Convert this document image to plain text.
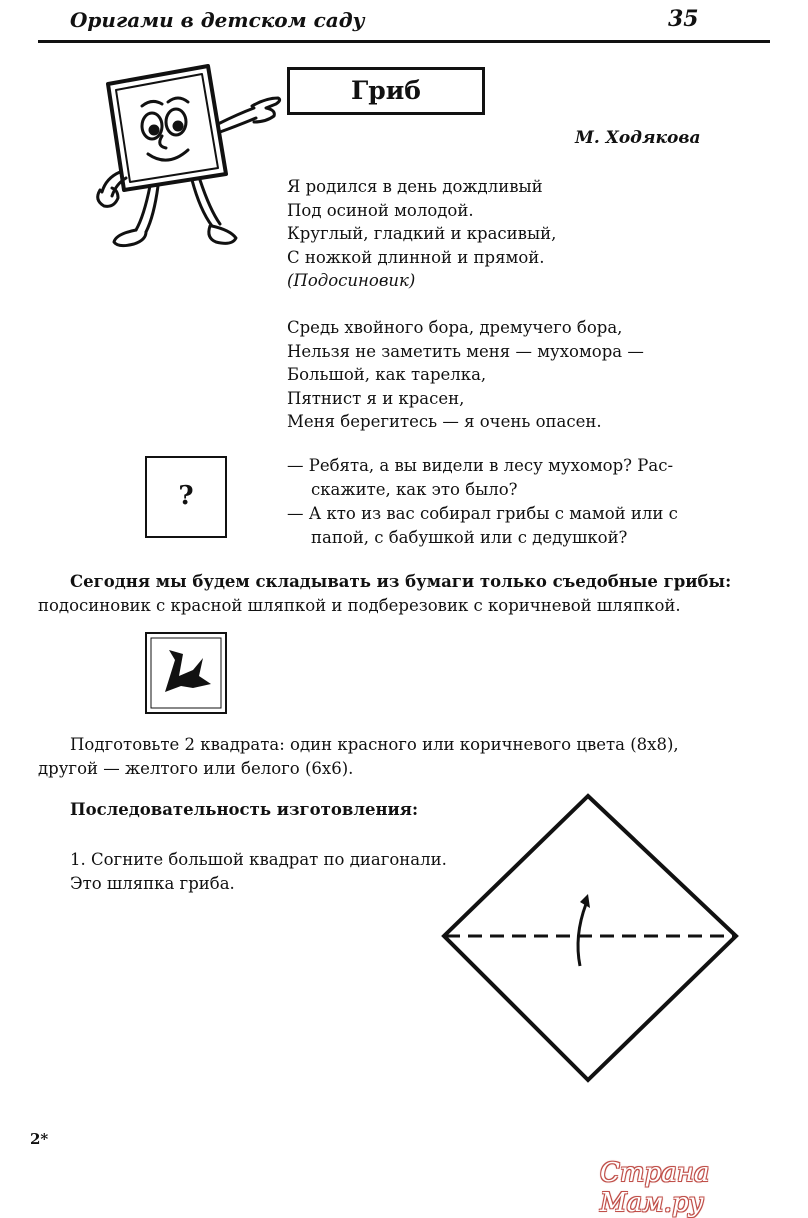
Оригами в детском саду	35
Гриб
М. Ходякова
Я родился в день дождливый
Под осиной молодой.
Круглый, гладкий и красивый,
С ножкой длинной и прямой.
(Подосиновик)
Средь хвойного бора, дремучего бора,
Нельзя не заметить меня — мухомора —
Большой, как тарелка,
Пятнист я и красен,
Меня берегитесь — я очень опасен.
?
— Ребята, а вы видели в лесу мухомор? Рас-
скажите, как это было?
— А кто из вас собирал грибы с мамой или с
папой, с бабушкой или с дедушкой?
Сегодня мы будем складывать из бумаги только съедобные грибы:
подосиновик с красной шляпкой и подберезовик с коричневой шляпкой.
Подготовьте 2 квадрата: один красного или коричневого цвета (8х8),
другой — желтого или белого (6х6).
Последовательность изготовления:
1. Согните большой квадрат по диагонали.
Это шляпка гриба.
2*
Страна Мам.ру
